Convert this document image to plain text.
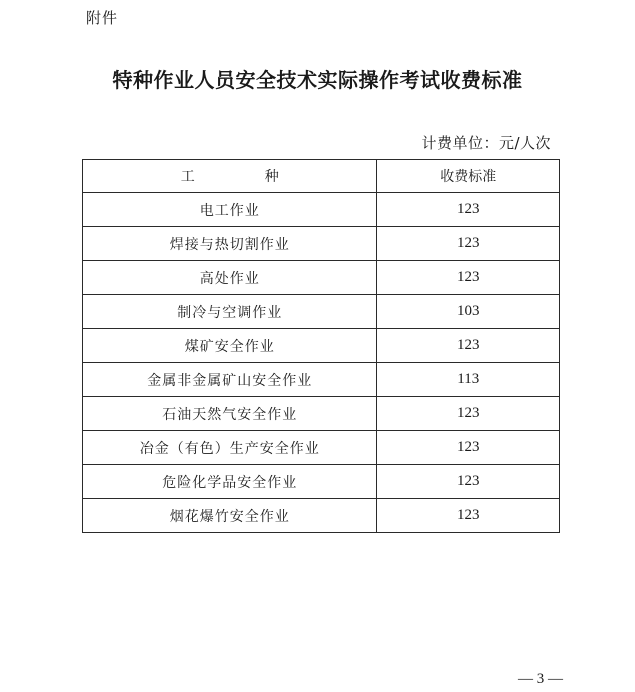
附件
特种作业人员安全技术实际操作考试收费标准
计费单位：元/人次
工　种	收费标准
电工作业	123
焊接与热切割作业	123
高处作业	123
制冷与空调作业	103
煤矿安全作业	123
金属非金属矿山安全作业	113
石油天然气安全作业	123
冶金（有色）生产安全作业	123
危险化学品安全作业	123
烟花爆竹安全作业	123
— 3 —
